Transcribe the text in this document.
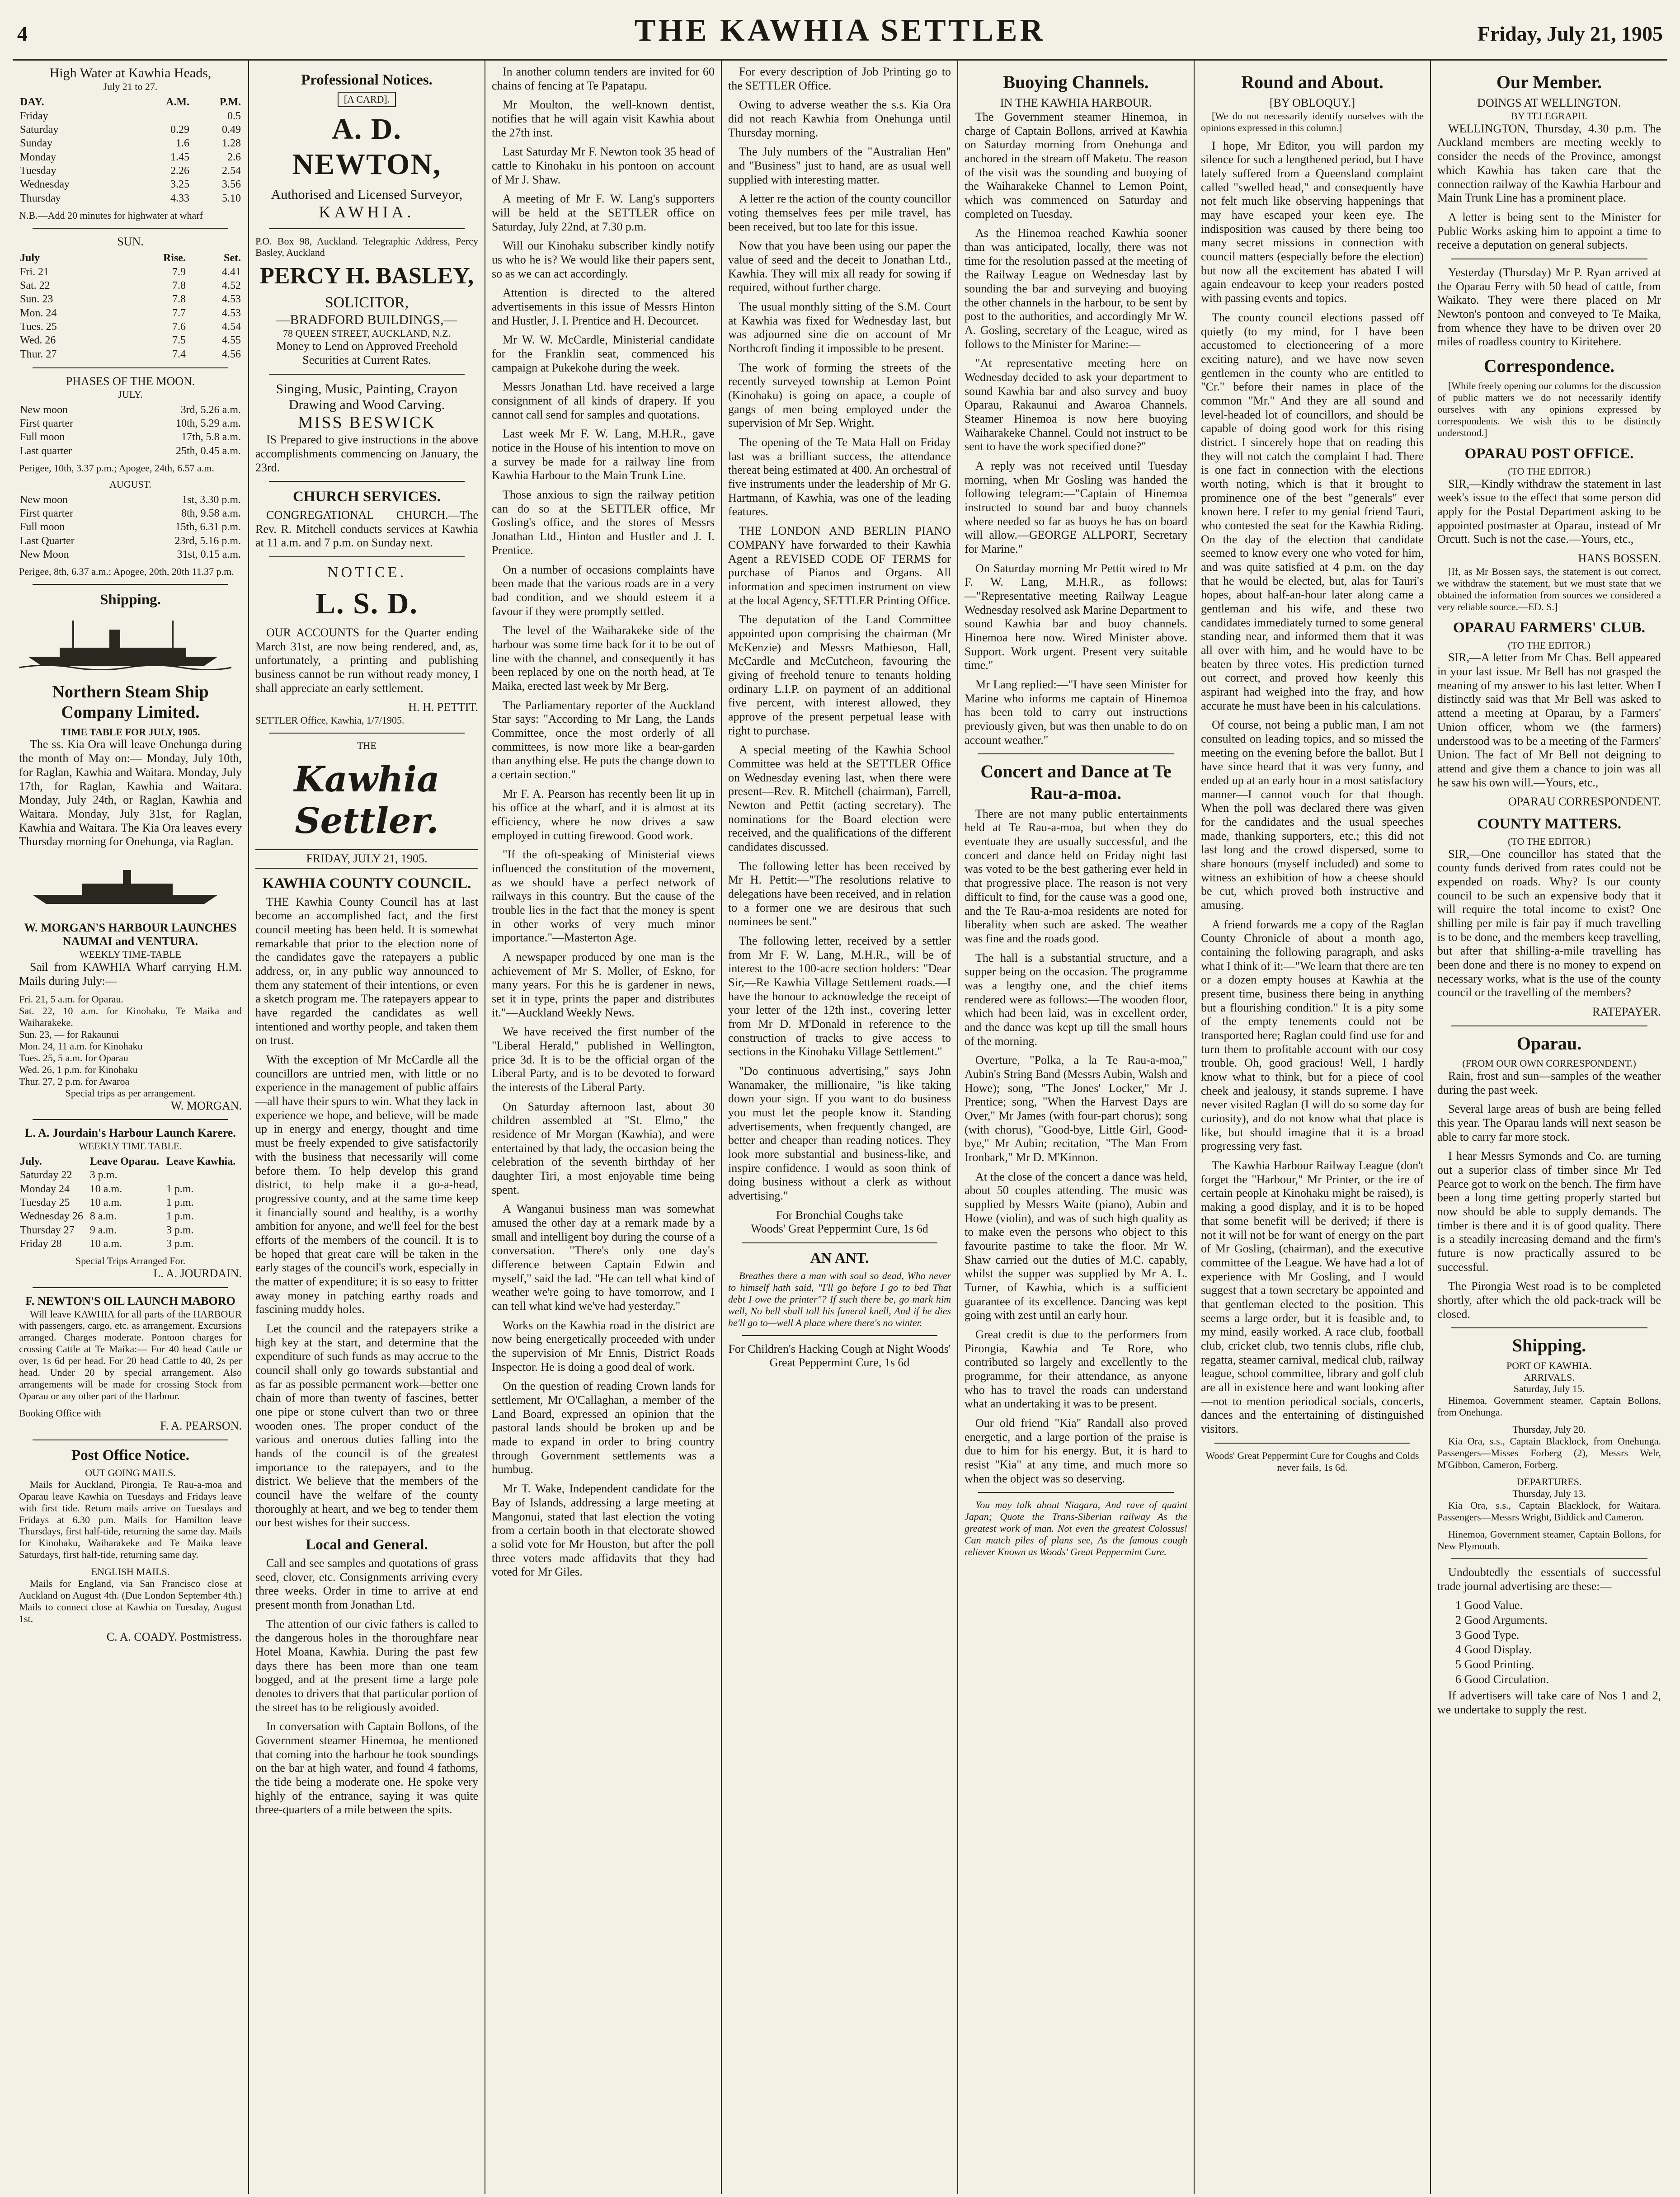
4	THE KAWHIA SETTLER	Friday, July 21, 1905
High Water at Kawhia Heads,
July 21 to 27.
DAY.	A.M.	P.M.
Friday		0.5
Saturday	0.29	0.49
Sunday	1.6	1.28
Monday	1.45	2.6
Tuesday	2.26	2.54
Wednesday	3.25	3.56
Thursday	4.33	5.10
N.B.—Add 20 minutes for highwater at wharf
SUN.
July	Rise.	Set.
Fri. 21	7.9	4.41
Sat. 22	7.8	4.52
Sun. 23	7.8	4.53
Mon. 24	7.7	4.53
Tues. 25	7.6	4.54
Wed. 26	7.5	4.55
Thur. 27	7.4	4.56
PHASES OF THE MOON.
JULY.
New moon	3rd, 5.26 a.m.
First quarter	10th, 5.29 a.m.
Full moon	17th, 5.8 a.m.
Last quarter	25th, 0.45 a.m.
Perigee, 10th, 3.37 p.m.; Apogee, 24th, 6.57 a.m.
AUGUST.
New moon	1st, 3.30 p.m.
First quarter	8th, 9.58 a.m.
Full moon	15th, 6.31 p.m.
Last Quarter	23rd, 5.16 p.m.
New Moon	31st, 0.15 a.m.
Perigee, 8th, 6.37 a.m.; Apogee, 20th, 20th 11.37 p.m.
Shipping.
Northern Steam Ship Company Limited.
TIME TABLE FOR JULY, 1905.

The ss. Kia Ora will leave Onehunga during the month of May on:— Monday, July 10th, for Raglan, Kawhia and Waitara. Monday, July 17th, for Raglan, Kawhia and Waitara. Monday, July 24th, or Raglan, Kawhia and Waitara. Monday, July 31st, for Raglan, Kawhia and Waitara. The Kia Ora leaves every Thursday morning for Onehunga, via Raglan.

W. MORGAN'S HARBOUR LAUNCHES NAUMAI and VENTURA.
WEEKLY TIME-TABLE

Sail from KAWHIA Wharf carrying H.M. Mails during July:—

Fri. 21, 5 a.m. for Oparau.
Sat. 22, 10 a.m. for Kinohaku, Te Maika and Waiharakeke.
Sun. 23, — for Rakaunui
Mon. 24, 11 a.m. for Kinohaku
Tues. 25, 5 a.m. for Oparau
Wed. 26, 1 p.m. for Kinohaku
Thur. 27, 2 p.m. for Awaroa
Special trips as per arrangement.
W. MORGAN.
L. A. Jourdain's Harbour Launch Karere.
WEEKLY TIME TABLE.
July.	Leave Oparau.	Leave Kawhia.
Saturday 22	3 p.m.	
Monday 24	10 a.m.	1 p.m.
Tuesday 25	10 a.m.	1 p.m.
Wednesday 26	8 a.m.	1 p.m.
Thursday 27	9 a.m.	3 p.m.
Friday 28	10 a.m.	3 p.m.
Special Trips Arranged For.
L. A. JOURDAIN.
F. NEWTON'S OIL LAUNCH MABORO

Will leave KAWHIA for all parts of the HARBOUR with passengers, cargo, etc. as arrangement. Excursions arranged. Charges moderate. Pontoon charges for crossing Cattle at Te Maika:— For 40 head Cattle or over, 1s 6d per head. For 20 head Cattle to 40, 2s per head. Under 20 by special arrangement. Also arrangements will be made for crossing Stock from Oparau or any other part of the Harbour.

Booking Office with
F. A. PEARSON.
Post Office Notice.
OUT GOING MAILS.

Mails for Auckland, Pirongia, Te Rau-a-moa and Oparau leave Kawhia on Tuesdays and Fridays leave with first tide. Return mails arrive on Tuesdays and Fridays at 6.30 p.m. Mails for Hamilton leave Thursdays, first half-tide, returning the same day. Mails for Kinohaku, Waiharakeke and Te Maika leave Saturdays, first half-tide, returning same day.

ENGLISH MAILS.

Mails for England, via San Francisco close at Auckland on August 4th. (Due London September 4th.) Mails to connect close at Kawhia on Tuesday, August 1st.

C. A. COADY. Postmistress.
Professional Notices.
[A CARD].
A. D. NEWTON,
Authorised and Licensed Surveyor,
KAWHIA.
P.O. Box 98, Auckland. Telegraphic Address, Percy Basley, Auckland
PERCY H. BASLEY,
SOLICITOR,
—BRADFORD BUILDINGS,—
78 QUEEN STREET, AUCKLAND, N.Z.

Money to Lend on Approved Freehold Securities at Current Rates.

Singing, Music, Painting, Crayon Drawing and Wood Carving.
MISS BESWICK

IS Prepared to give instructions in the above accomplishments commencing on January, the 23rd.

CHURCH SERVICES.

CONGREGATIONAL CHURCH.—The Rev. R. Mitchell conducts services at Kawhia at 11 a.m. and 7 p.m. on Sunday next.

NOTICE.
L. S. D.

OUR ACCOUNTS for the Quarter ending March 31st, are now being rendered, and, as, unfortunately, a printing and publishing business cannot be run without ready money, I shall appreciate an early settlement.

H. H. PETTIT.
SETTLER Office, Kawhia, 1/7/1905.
THE
Kawhia Settler.
FRIDAY, JULY 21, 1905.
KAWHIA COUNTY COUNCIL.

THE Kawhia County Council has at last become an accomplished fact, and the first council meeting has been held. It is somewhat remarkable that prior to the election none of the candidates gave the ratepayers a public address, or, in any public way announced to them any statement of their intentions, or even a sketch program me. The ratepayers appear to have regarded the candidates as well intentioned and worthy people, and taken them on trust.

With the exception of Mr McCardle all the councillors are untried men, with little or no experience in the management of public affairs—all have their spurs to win. What they lack in experience we hope, and believe, will be made up in energy and energy, thought and time must be freely expended to give satisfactorily with the business that necessarily will come before them. To help develop this grand district, to help make it a go-a-head, progressive county, and at the same time keep it financially sound and healthy, is a worthy ambition for anyone, and we'll feel for the best efforts of the members of the council. It is to be hoped that great care will be taken in the early stages of the council's work, especially in the matter of expenditure; it is so easy to fritter away money in patching earthy roads and fascining muddy holes.

Let the council and the ratepayers strike a high key at the start, and determine that the expenditure of such funds as may accrue to the council shall only go towards substantial and as far as possible permanent work—better one chain of more than twenty of fascines, better one pipe or stone culvert than two or three wooden ones. The proper conduct of the various and onerous duties falling into the hands of the council is of the greatest importance to the ratepayers, and to the district. We believe that the members of the council have the welfare of the county thoroughly at heart, and we beg to tender them our best wishes for their success.

Local and General.

Call and see samples and quotations of grass seed, clover, etc. Consignments arriving every three weeks. Order in time to arrive at end present month from Jonathan Ltd.

The attention of our civic fathers is called to the dangerous holes in the thoroughfare near Hotel Moana, Kawhia. During the past few days there has been more than one team bogged, and at the present time a large pole denotes to drivers that that particular portion of the street has to be religiously avoided.

In conversation with Captain Bollons, of the Government steamer Hinemoa, he mentioned that coming into the harbour he took soundings on the bar at high water, and found 4 fathoms, the tide being a moderate one. He spoke very highly of the entrance, saying it was quite three-quarters of a mile between the spits.

In another column tenders are invited for 60 chains of fencing at Te Papatapu.

Mr Moulton, the well-known dentist, notifies that he will again visit Kawhia about the 27th inst.

Last Saturday Mr F. Newton took 35 head of cattle to Kinohaku in his pontoon on account of Mr J. Shaw.

A meeting of Mr F. W. Lang's supporters will be held at the SETTLER office on Saturday, July 22nd, at 7.30 p.m.

Will our Kinohaku subscriber kindly notify us who he is? We would like their papers sent, so as we can act accordingly.

Attention is directed to the altered advertisements in this issue of Messrs Hinton and Hustler, J. I. Prentice and H. Decourcet.

Mr W. W. McCardle, Ministerial candidate for the Franklin seat, commenced his campaign at Pukekohe during the week.

Messrs Jonathan Ltd. have received a large consignment of all kinds of drapery. If you cannot call send for samples and quotations.

Last week Mr F. W. Lang, M.H.R., gave notice in the House of his intention to move on a survey be made for a railway line from Kawhia Harbour to the Main Trunk Line.

Those anxious to sign the railway petition can do so at the SETTLER office, Mr Gosling's office, and the stores of Messrs Jonathan Ltd., Hinton and Hustler and J. I. Prentice.

On a number of occasions complaints have been made that the various roads are in a very bad condition, and we should esteem it a favour if they were promptly settled.

The level of the Waiharakeke side of the harbour was some time back for it to be out of line with the channel, and consequently it has been replaced by one on the north head, at Te Maika, erected last week by Mr Berg.

The Parliamentary reporter of the Auckland Star says: "According to Mr Lang, the Lands Committee, once the most orderly of all committees, is now more like a bear-garden than anything else. He puts the change down to a certain section."

Mr F. A. Pearson has recently been lit up in his office at the wharf, and it is almost at its efficiency, where he now drives a saw employed in cutting firewood. Good work.

"If the oft-speaking of Ministerial views influenced the constitution of the movement, as we should have a perfect network of railways in this country. But the cause of the trouble lies in the fact that the money is spent in other works of very much minor importance."—Masterton Age.

A newspaper produced by one man is the achievement of Mr S. Moller, of Eskno, for many years. For this he is gardener in news, set it in type, prints the paper and distributes it."—Auckland Weekly News.

We have received the first number of the "Liberal Herald," published in Wellington, price 3d. It is to be the official organ of the Liberal Party, and is to be devoted to forward the interests of the Liberal Party.

On Saturday afternoon last, about 30 children assembled at "St. Elmo," the residence of Mr Morgan (Kawhia), and were entertained by that lady, the occasion being the celebration of the seventh birthday of her daughter Tiri, a most enjoyable time being spent.

A Wanganui business man was somewhat amused the other day at a remark made by a small and intelligent boy during the course of a conversation. "There's only one day's difference between Captain Edwin and myself," said the lad. "He can tell what kind of weather we're going to have tomorrow, and I can tell what kind we've had yesterday."

Works on the Kawhia road in the district are now being energetically proceeded with under the supervision of Mr Ennis, District Roads Inspector. He is doing a good deal of work.

On the question of reading Crown lands for settlement, Mr O'Callaghan, a member of the Land Board, expressed an opinion that the pastoral lands should be broken up and be made to expand in order to bring country through Government settlements was a humbug.

Mr T. Wake, Independent candidate for the Bay of Islands, addressing a large meeting at Mangonui, stated that last election the voting from a certain booth in that electorate showed a solid vote for Mr Houston, but after the poll three voters made affidavits that they had voted for Mr Giles.

For every description of Job Printing go to the SETTLER Office.

Owing to adverse weather the s.s. Kia Ora did not reach Kawhia from Onehunga until Thursday morning.

The July numbers of the "Australian Hen" and "Business" just to hand, are as usual well supplied with interesting matter.

A letter re the action of the county councillor voting themselves fees per mile travel, has been received, but too late for this issue.

Now that you have been using our paper the value of seed and the deceit to Jonathan Ltd., Kawhia. They will mix all ready for sowing if required, without further charge.

The usual monthly sitting of the S.M. Court at Kawhia was fixed for Wednesday last, but was adjourned sine die on account of Mr Northcroft finding it impossible to be present.

The work of forming the streets of the recently surveyed township at Lemon Point (Kinohaku) is going on apace, a couple of gangs of men being employed under the supervision of Mr Sep. Wright.

The opening of the Te Mata Hall on Friday last was a brilliant success, the attendance thereat being estimated at 400. An orchestral of five instruments under the leadership of Mr G. Hartmann, of Kawhia, was one of the leading features.

THE LONDON AND BERLIN PIANO COMPANY have forwarded to their Kawhia Agent a REVISED CODE OF TERMS for purchase of Pianos and Organs. All information and specimen instrument on view at the local Agency, SETTLER Printing Office.

The deputation of the Land Committee appointed upon comprising the chairman (Mr McKenzie) and Messrs Mathieson, Hall, McCardle and McCutcheon, favouring the giving of freehold tenure to tenants holding ordinary L.I.P. on payment of an additional five percent, with interest allowed, they approve of the present perpetual lease with right to purchase.

A special meeting of the Kawhia School Committee was held at the SETTLER Office on Wednesday evening last, when there were present—Rev. R. Mitchell (chairman), Farrell, Newton and Pettit (acting secretary). The nominations for the Board election were received, and the qualifications of the different candidates discussed.

The following letter has been received by Mr H. Pettit:—"The resolutions relative to delegations have been received, and in relation to a former one we are desirous that such nominees be sent."

The following letter, received by a settler from Mr F. W. Lang, M.H.R., will be of interest to the 100-acre section holders: "Dear Sir,—Re Kawhia Village Settlement roads.—I have the honour to acknowledge the receipt of your letter of the 12th inst., covering letter from Mr D. M'Donald in reference to the construction of tracks to give access to sections in the Kinohaku Village Settlement."

"Do continuous advertising," says John Wanamaker, the millionaire, "is like taking down your sign. If you want to do business you must let the people know it. Standing advertisements, when frequently changed, are better and cheaper than reading notices. They look more substantial and business-like, and inspire confidence. I would as soon think of doing business without a clerk as without advertising."

For Bronchial Coughs take
Woods' Great Peppermint Cure, 1s 6d
AN ANT.

Breathes there a man with soul so dead, Who never to himself hath said, "I'll go before I go to bed That debt I owe the printer"? If such there be, go mark him well, No bell shall toll his funeral knell, And if he dies he'll go to—well A place where there's no winter.

For Children's Hacking Cough at Night Woods' Great Peppermint Cure, 1s 6d
Buoying Channels.
IN THE KAWHIA HARBOUR.

The Government steamer Hinemoa, in charge of Captain Bollons, arrived at Kawhia on Saturday morning from Onehunga and anchored in the stream off Maketu. The reason of the visit was the sounding and buoying of the Waiharakeke Channel to Lemon Point, which was commenced on Saturday and completed on Tuesday.

As the Hinemoa reached Kawhia sooner than was anticipated, locally, there was not time for the resolution passed at the meeting of the Railway League on Wednesday last by sounding the bar and surveying and buoying the other channels in the harbour, to be sent by post to the authorities, and accordingly Mr W. A. Gosling, secretary of the League, wired as follows to the Minister for Marine:—

"At representative meeting here on Wednesday decided to ask your department to sound Kawhia bar and also survey and buoy Oparau, Rakaunui and Awaroa Channels. Steamer Hinemoa is now here buoying Waiharakeke Channel. Could not instruct to be sent to have the work specified done?"

A reply was not received until Tuesday morning, when Mr Gosling was handed the following telegram:—"Captain of Hinemoa instructed to sound bar and buoy channels where needed so far as buoys he has on board will allow.—GEORGE ALLPORT, Secretary for Marine."

On Saturday morning Mr Pettit wired to Mr F. W. Lang, M.H.R., as follows:—"Representative meeting Railway League Wednesday resolved ask Marine Department to sound Kawhia bar and buoy channels. Hinemoa here now. Wired Minister above. Support. Work urgent. Present very suitable time."

Mr Lang replied:—"I have seen Minister for Marine who informs me captain of Hinemoa has been told to carry out instructions previously given, but was then unable to do on account weather."

Concert and Dance at Te Rau-a-moa.

There are not many public entertainments held at Te Rau-a-moa, but when they do eventuate they are usually successful, and the concert and dance held on Friday night last was voted to be the best gathering ever held in that progressive place. The reason is not very difficult to find, for the cause was a good one, and the Te Rau-a-moa residents are noted for liberality when such are asked. The weather was fine and the roads good.

The hall is a substantial structure, and a supper being on the occasion. The programme was a lengthy one, and the chief items rendered were as follows:—The wooden floor, which had been laid, was in excellent order, and the dance was kept up till the small hours of the morning.

Overture, "Polka, a la Te Rau-a-moa," Aubin's String Band (Messrs Aubin, Walsh and Howe); song, "The Jones' Locker," Mr J. Prentice; song, "When the Harvest Days are Over," Mr James (with four-part chorus); song (with chorus), "Good-bye, Little Girl, Good-bye," Mr Aubin; recitation, "The Man From Ironbark," Mr D. M'Kinnon.

At the close of the concert a dance was held, about 50 couples attending. The music was supplied by Messrs Waite (piano), Aubin and Howe (violin), and was of such high quality as to make even the persons who object to this favourite pastime to take the floor. Mr W. Shaw carried out the duties of M.C. capably, whilst the supper was supplied by Mr A. L. Turner, of Kawhia, which is a sufficient guarantee of its excellence. Dancing was kept going with zest until an early hour.

Great credit is due to the performers from Pirongia, Kawhia and Te Rore, who contributed so largely and excellently to the programme, for their attendance, as anyone who has to travel the roads can understand what an undertaking it was to be present.

Our old friend "Kia" Randall also proved energetic, and a large portion of the praise is due to him for his energy. But, it is hard to resist "Kia" at any time, and much more so when the object was so deserving.

You may talk about Niagara, And rave of quaint Japan; Quote the Trans-Siberian railway As the greatest work of man. Not even the greatest Colossus! Can match piles of plans see, As the famous cough reliever Known as Woods' Great Peppermint Cure.

Round and About.
[BY OBLOQUY.]

[We do not necessarily identify ourselves with the opinions expressed in this column.]

I hope, Mr Editor, you will pardon my silence for such a lengthened period, but I have lately suffered from a Queensland complaint called "swelled head," and consequently have not felt much like observing happenings that may have escaped your keen eye. The indisposition was caused by there being too many secret missions in connection with council matters (especially before the election) but now all the excitement has abated I will again endeavour to keep your readers posted with passing events and topics.

The county council elections passed off quietly (to my mind, for I have been accustomed to electioneering of a more exciting nature), and we have now seven gentlemen in the county who are entitled to "Cr." before their names in place of the common "Mr." And they are all sound and level-headed lot of councillors, and should be capable of doing good work for this rising district. I sincerely hope that on reading this they will not catch the complaint I had. There is one fact in connection with the elections worth noting, which is that it brought to prominence one of the best "generals" ever known here. I refer to my genial friend Tauri, who contested the seat for the Kawhia Riding. On the day of the election that candidate seemed to know every one who voted for him, and was quite satisfied at 4 p.m. on the day that he would be elected, but, alas for Tauri's hopes, about half-an-hour later along came a gentleman and his wife, and these two candidates immediately turned to some general standing near, and informed them that it was all over with him, and he would have to be beaten by three votes. His prediction turned out correct, and proved how keenly this aspirant had weighed into the fray, and how accurate he must have been in his calculations.

Of course, not being a public man, I am not consulted on leading topics, and so missed the meeting on the evening before the ballot. But I have since heard that it was very funny, and ended up at an early hour in a most satisfactory manner—I cannot vouch for that though. When the poll was declared there was given for the candidates and the usual speeches made, thanking supporters, etc.; this did not last long and the crowd dispersed, some to share honours (myself included) and some to witness an exhibition of how a cheese should be cut, which proved both instructive and amusing.

A friend forwards me a copy of the Raglan County Chronicle of about a month ago, containing the following paragraph, and asks what I think of it:—"We learn that there are ten or a dozen empty houses at Kawhia at the present time, business there being in anything but a flourishing condition." It is a pity some of the empty tenements could not be transported here; Raglan could find use for and turn them to profitable account with our cosy trouble. Oh, good gracious! Well, I hardly know what to think, but for a piece of cool cheek and jealousy, it stands supreme. I have never visited Raglan (I will do so some day for curiosity), and do not know what that place is like, but should imagine that it is a broad progressing very fast.

The Kawhia Harbour Railway League (don't forget the "Harbour," Mr Printer, or the ire of certain people at Kinohaku might be raised), is making a good display, and it is to be hoped that some benefit will be derived; if there is not it will not be for want of energy on the part of Mr Gosling, (chairman), and the executive committee of the League. We have had a lot of experience with Mr Gosling, and I would suggest that a town secretary be appointed and that gentleman elected to the position. This seems a large order, but it is feasible and, to my mind, easily worked. A race club, football club, cricket club, two tennis clubs, rifle club, regatta, steamer carnival, medical club, railway league, school committee, library and golf club are all in existence here and want looking after—not to mention periodical socials, concerts, dances and the entertaining of distinguished visitors.

Woods' Great Peppermint Cure for Coughs and Colds never fails, 1s 6d.
Our Member.
DOINGS AT WELLINGTON.
BY TELEGRAPH.

WELLINGTON, Thursday, 4.30 p.m. The Auckland members are meeting weekly to consider the needs of the Province, amongst which Kawhia has taken care that the connection railway of the Kawhia Harbour and Main Trunk Line has a prominent place.

A letter is being sent to the Minister for Public Works asking him to appoint a time to receive a deputation on general subjects.

Yesterday (Thursday) Mr P. Ryan arrived at the Oparau Ferry with 50 head of cattle, from Waikato. They were there placed on Mr Newton's pontoon and conveyed to Te Maika, from whence they have to be driven over 20 miles of roadless country to Kiritehere.

Correspondence.

[While freely opening our columns for the discussion of public matters we do not necessarily identify ourselves with any opinions expressed by correspondents. We wish this to be distinctly understood.]

OPARAU POST OFFICE.
(TO THE EDITOR.)

SIR,—Kindly withdraw the statement in last week's issue to the effect that some person did apply for the Postal Department asking to be appointed postmaster at Oparau, instead of Mr Orcutt. Such is not the case.—Yours, etc.,

HANS BOSSEN.

[If, as Mr Bossen says, the statement is out correct, we withdraw the statement, but we must state that we obtained the information from sources we considered a very reliable source.—ED. S.]

OPARAU FARMERS' CLUB.
(TO THE EDITOR.)

SIR,—A letter from Mr Chas. Bell appeared in your last issue. Mr Bell has not grasped the meaning of my answer to his last letter. When I distinctly said was that Mr Bell was asked to attend a meeting at Oparau, by a Farmers' Union officer, whom we (the farmers) understood was to be a meeting of the Farmers' Union. The fact of Mr Bell not deigning to attend and give them a chance to join was all he saw his own will.—Yours, etc.,

OPARAU CORRESPONDENT.
COUNTY MATTERS.
(TO THE EDITOR.)

SIR,—One councillor has stated that the county funds derived from rates could not be expended on roads. Why? Is our county council to be such an expensive body that it will require the total income to exist? One shilling per mile is fair pay if much travelling is to be done, and the members keep travelling, but after that shilling-a-mile travelling has been done and there is no money to expend on necessary works, what is the use of the county council or the travelling of the members?

RATEPAYER.
Oparau.
(FROM OUR OWN CORRESPONDENT.)

Rain, frost and sun—samples of the weather during the past week.

Several large areas of bush are being felled this year. The Oparau lands will next season be able to carry far more stock.

I hear Messrs Symonds and Co. are turning out a superior class of timber since Mr Ted Pearce got to work on the bench. The firm have been a long time getting properly started but now should be able to supply demands. The timber is there and it is of good quality. There is a steadily increasing demand and the firm's future is now practically assured to be successful.

The Pirongia West road is to be completed shortly, after which the old pack-track will be closed.

Shipping.
PORT OF KAWHIA.
ARRIVALS.
Saturday, July 15.

Hinemoa, Government steamer, Captain Bollons, from Onehunga.

Thursday, July 20.

Kia Ora, s.s., Captain Blacklock, from Onehunga. Passengers—Misses Forberg (2), Messrs Welr, M'Gibbon, Cameron, Forberg.

DEPARTURES.
Thursday, July 13.

Kia Ora, s.s., Captain Blacklock, for Waitara. Passengers—Messrs Wright, Biddick and Cameron.

Hinemoa, Government steamer, Captain Bollons, for New Plymouth.

Undoubtedly the essentials of successful trade journal advertising are these:—

1 Good Value.
2 Good Arguments.
3 Good Type.
4 Good Display.
5 Good Printing.
6 Good Circulation.

If advertisers will take care of Nos 1 and 2, we undertake to supply the rest.
